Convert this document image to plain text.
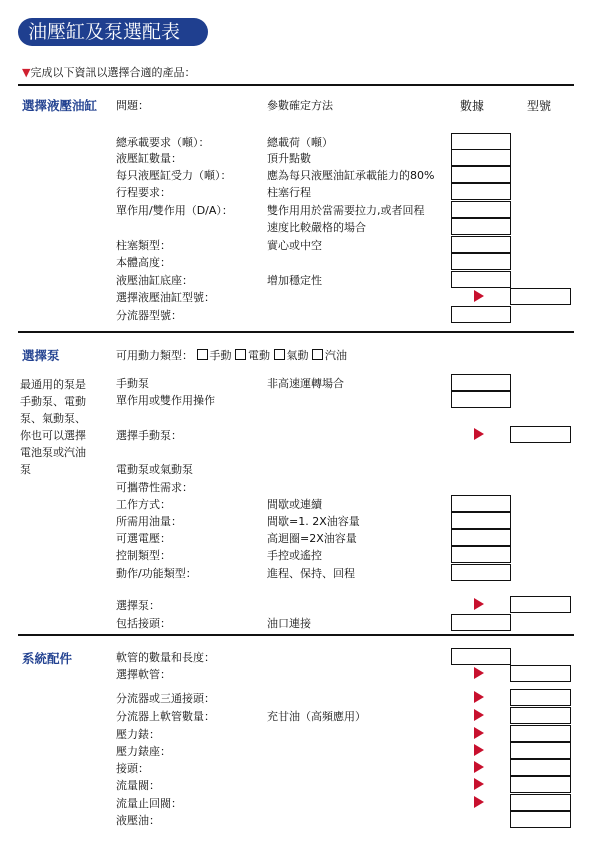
油壓缸及泵選配表
▼完成以下資訊以選擇合適的產品：
選擇液壓油缸 問題：	參數確定方法	數據	型號
總承載要求（噸）：	總載荷（噸）
液壓缸數量：	頂升點數
每只液壓缸受力（噸）：	應為每只液壓油缸承載能力的80%
行程要求：	柱塞行程
單作用/雙作用（D/A）：	雙作用用於當需要拉力,或者回程
速度比較嚴格的場合
柱塞類型：	實心或中空
本體高度：
液壓油缸底座：	增加穩定性
選擇液壓油缸型號：
分流器型號：
選擇泵	可用動力類型： 手動 電動 氣動 汽油
最通用的泵是
手動泵、電動
泵、氣動泵、
你也可以選擇
電池泵或汽油
泵
手動泵	非高速運轉場合
單作用或雙作用操作
選擇手動泵：
電動泵或氣動泵
可攜帶性需求：
工作方式：	間歇或連續
所需用油量：	間歇=1. 2X油容量
可選電壓：	高迴圈=2X油容量
控制類型：	手控或遙控
動作/功能類型：	進程、保持、回程
選擇泵：
包括接頭：	油口連接
系統配件	軟管的數量和長度：
選擇軟管：
分流器或三通接頭：
分流器上軟管數量：	充甘油（高頻應用）
壓力錶：
壓力錶座：
接頭：
流量閥：
流量止回閥：
液壓油：
